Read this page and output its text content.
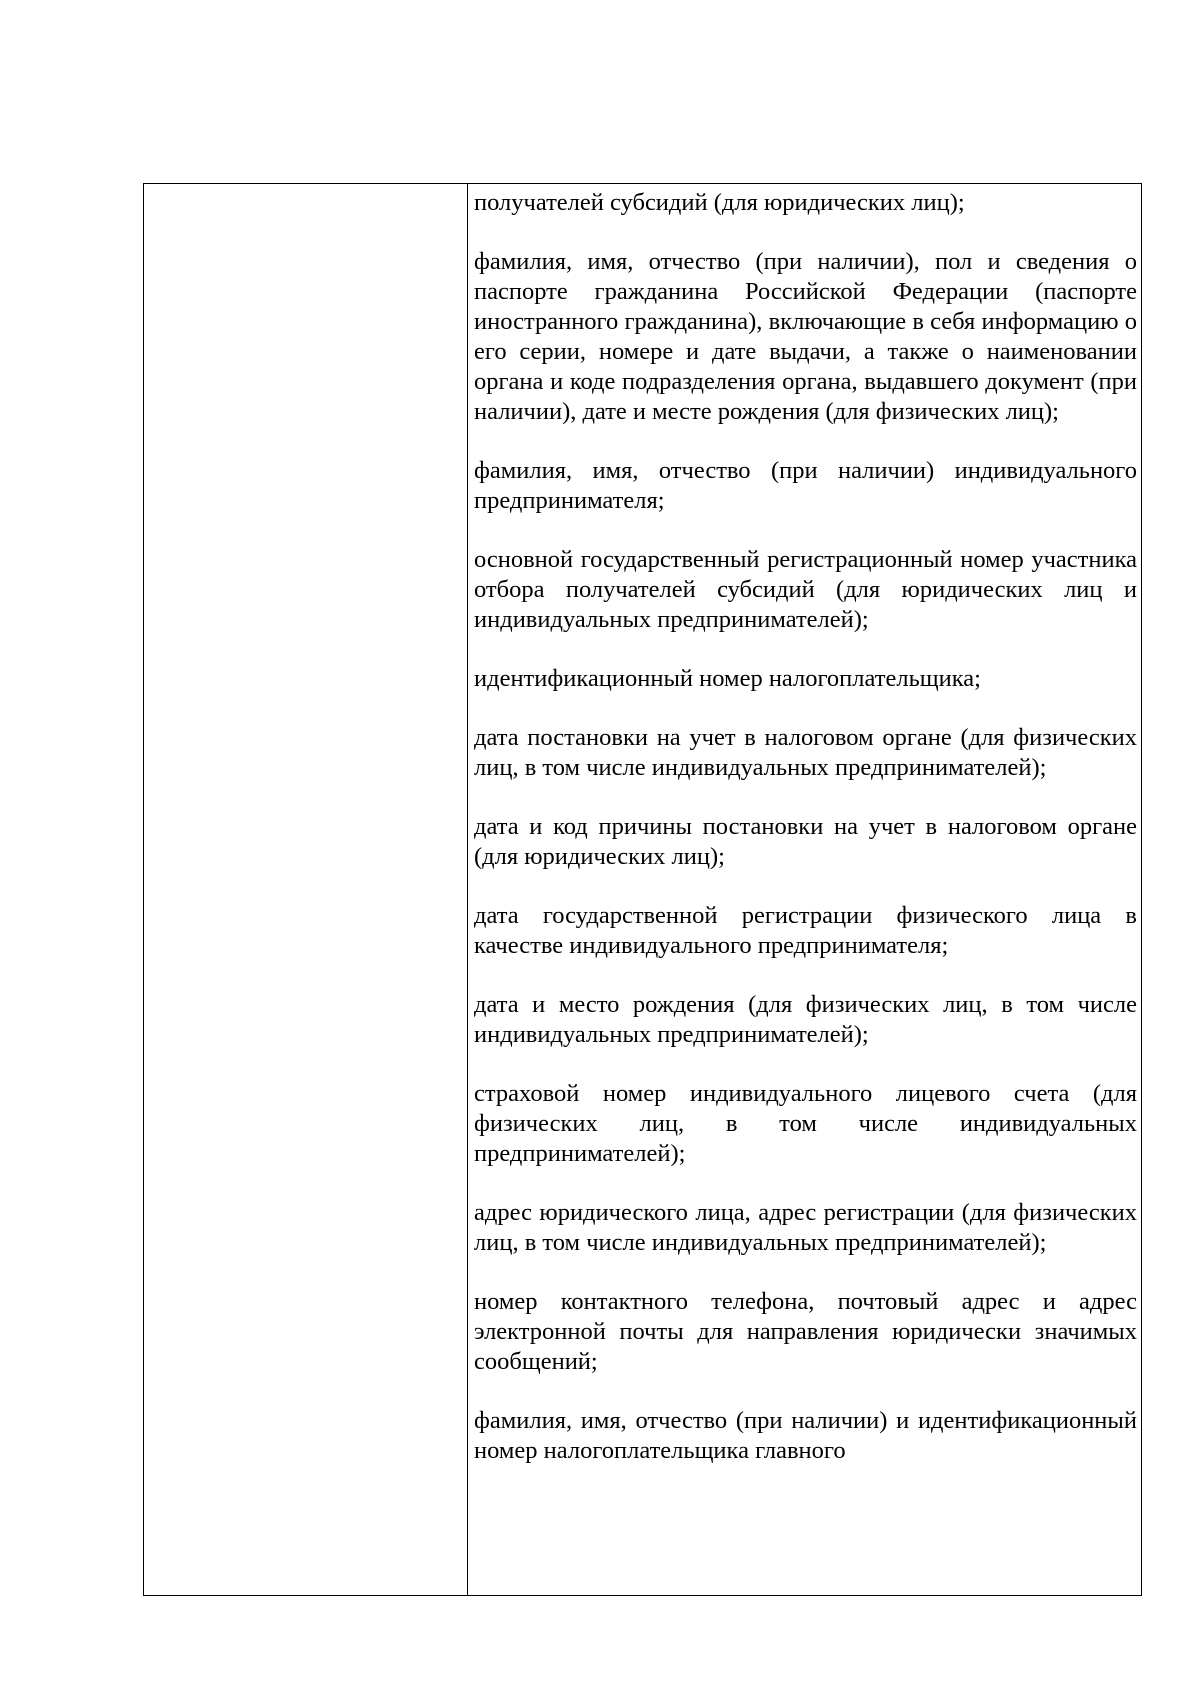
получателей субсидий (для юридических лиц);

фамилия, имя, отчество (при наличии), пол и сведения о паспорте гражданина Российской Федерации (паспорте иностранного гражданина), включающие в себя информацию о его серии, номере и дате выдачи, а также о наименовании органа и коде подразделения органа, выдавшего документ (при наличии), дате и месте рождения (для физических лиц);

фамилия, имя, отчество (при наличии) индивидуального предпринимателя;

основной государственный регистрационный номер участника отбора получателей субсидий (для юридических лиц и индивидуальных предпринимателей);

идентификационный номер налогоплательщика;

дата постановки на учет в налоговом органе (для физических лиц, в том числе индивидуальных предпринимателей);

дата и код причины постановки на учет в налоговом органе (для юридических лиц);

дата государственной регистрации физического лица в качестве индивидуального предпринимателя;

дата и место рождения (для физических лиц, в том числе индивидуальных предпринимателей);

страховой номер индивидуального лицевого счета (для физических лиц, в том числе индивидуальных предпринимателей);

адрес юридического лица, адрес регистрации (для физических лиц, в том числе индивидуальных предпринимателей);

номер контактного телефона, почтовый адрес и адрес электронной почты для направления юридически значимых сообщений;

фамилия, имя, отчество (при наличии) и идентификационный номер налогоплательщика главного
